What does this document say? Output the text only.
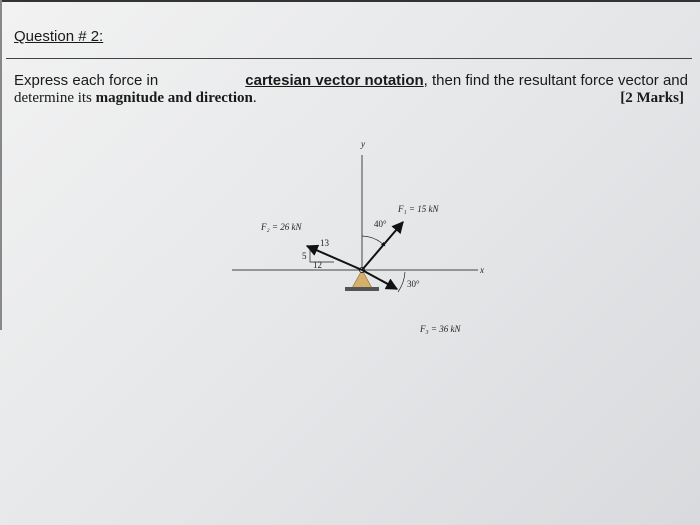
Question # 2:
Express each force in	cartesian vector notation, then find the resultant force vector and
determine its magnitude and direction.	[2 Marks]
y
x
40°
F₁ = 15 kN
F₂ = 26 kN
13
5
12
30°
F₃ = 36 kN
